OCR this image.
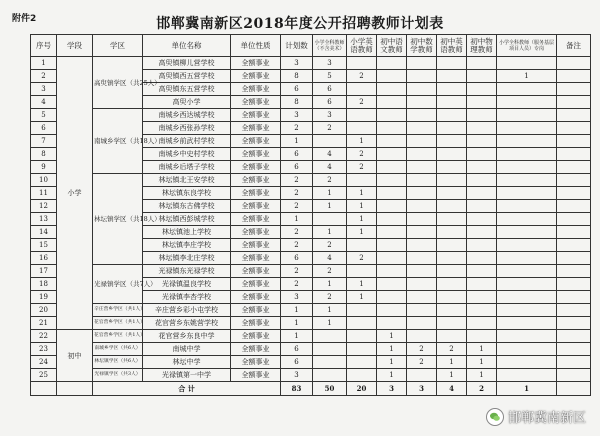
附件2	邯郸冀南新区2018年度公开招聘教师计划表
序号	学段	学区	单位名称	单位性质	计划数	小学全科教师（不含美术）	小学英语教师	初中语文教师	初中数学教师	初中英语教师	初中物理教师	小学全科教师（服务基层项目人员）专岗	备注
1	小学	高臾镇学区（共25人）	高臾镇柳儿营学校	全额事业	3	3							
2			高臾镇西五营学校	全额事业	8	5	2					1	
3			高臾镇东五营学校	全额事业	6	6							
4			高臾小学	全额事业	8	6	2						
5		南城乡学区（共18人）	南城乡西达城学校	全额事业	3	3							
6			南城乡西张孙学校	全额事业	2	2							
7			南城乡前武村学校	全额事业	1		1						
8			南城乡中史村学校	全额事业	6	4	2						
9			南城乡后塔子学校	全额事业	6	4	2						
10		林坛镇学区（共18人）	林坛镇北王安学校	全额事业	2	2							
11			林坛镇东良学校	全额事业	2	1	1						
12			林坛镇东古佛学校	全额事业	2	1	1						
13			林坛镇西彭城学校	全额事业	1		1						
14			林坛镇池上学校	全额事业	2	1	1						
15			林坛镇李庄学校	全额事业	2	2							
16			林坛镇李北庄学校	全额事业	6	4	2						
17		光禄镇学区（共7人）	光禄镇东光禄学校	全额事业	2	2							
18			光禄镇温良学校	全额事业	2	1	1						
19			光禄镇李杏学校	全额事业	3	2	1						
20		辛庄营乡学区（共1人）	辛庄营乡彩小屯学校	全额事业	1	1							
21		花官营乡学区（共1人）	花官营乡东姚营学校	全额事业	1	1							
22	初中	花官营乡学区（共1人）	花官营乡东良中学	全额事业	1			1					
23		南城乡学区（共6人）	南城中学	全额事业	6			1	2	2	1		
24		林坛镇学区（共6人）	林坛中学	全额事业	6			1	2	1	1		
25		光禄镇学区（共3人）	光禄镇第一中学	全额事业	3			1		1	1		
		合 计			83	50	20	3	3	4	2	1	
邯郸冀南新区
